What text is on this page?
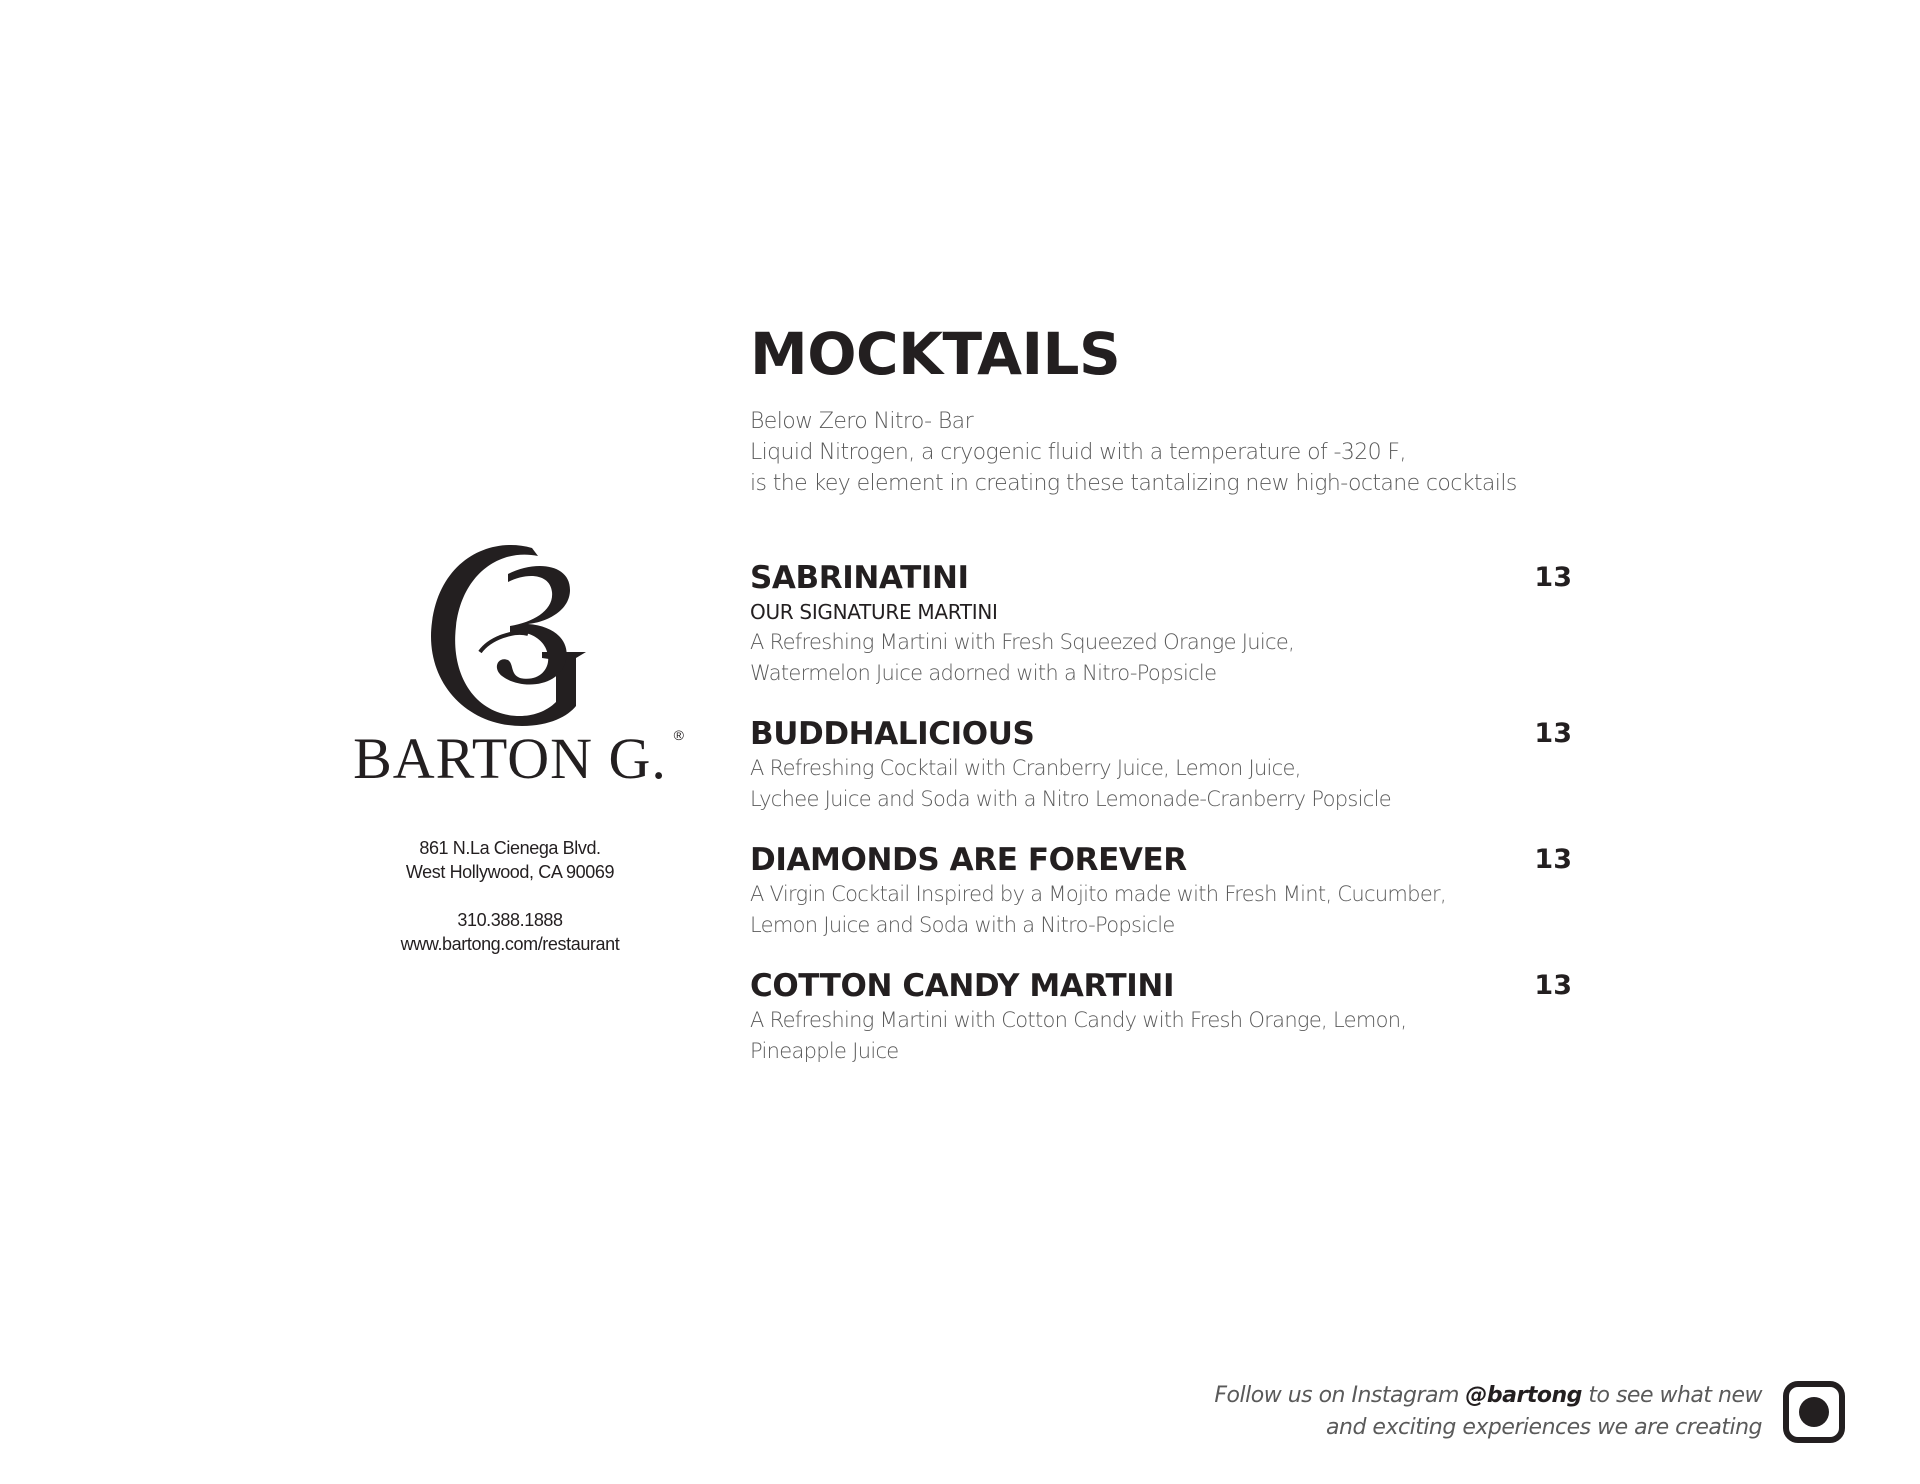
BARTON G. ®
861 N.La Cienega Blvd.
West Hollywood, CA 90069
310.388.1888
www.bartong.com/restaurant
MOCKTAILS
Below Zero Nitro- Bar
Liquid Nitrogen, a cryogenic fluid with a temperature of -320 F,
is the key element in creating these tantalizing new high-octane cocktails
SABRINATINI	13
OUR SIGNATURE MARTINI
A Refreshing Martini with Fresh Squeezed Orange Juice,
Watermelon Juice adorned with a Nitro-Popsicle
BUDDHALICIOUS	13
A Refreshing Cocktail with Cranberry Juice, Lemon Juice,
Lychee Juice and Soda with a Nitro Lemonade-Cranberry Popsicle
DIAMONDS ARE FOREVER	13
A Virgin Cocktail Inspired by a Mojito made with Fresh Mint, Cucumber,
Lemon Juice and Soda with a Nitro-Popsicle
COTTON CANDY MARTINI	13
A Refreshing Martini with Cotton Candy with Fresh Orange, Lemon,
Pineapple Juice
Follow us on Instagram @bartong to see what new
and exciting experiences we are creating
